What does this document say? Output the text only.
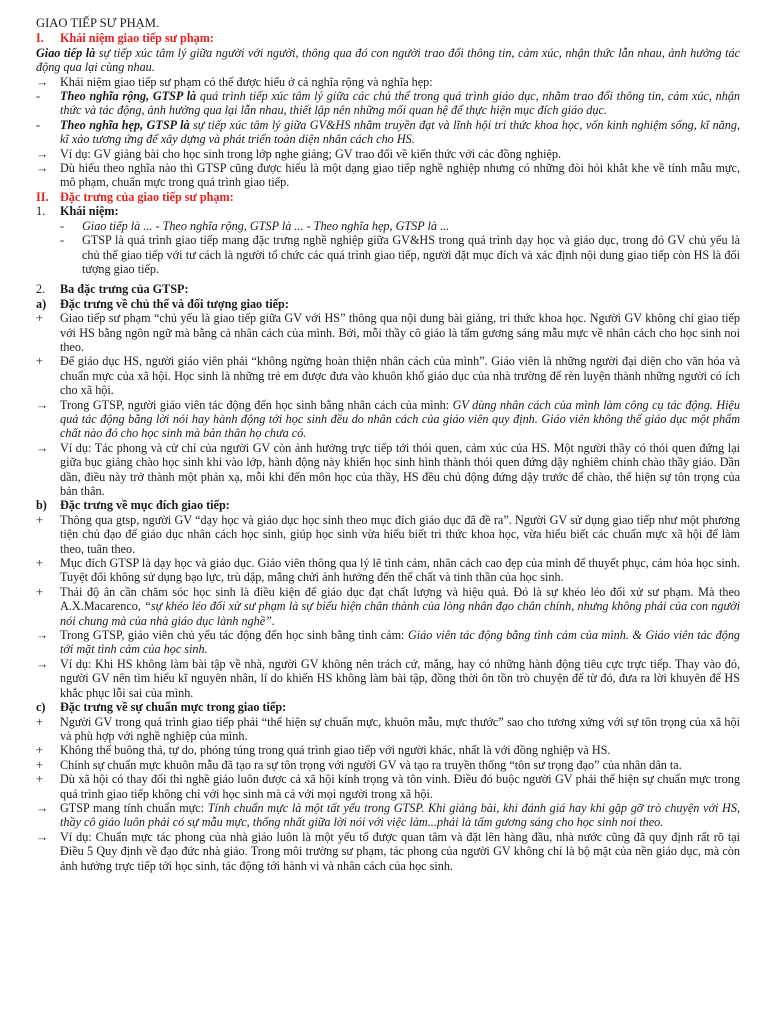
GIAO TIẾP SƯ PHẠM.
I.	Khái niệm giao tiếp sư phạm:
Giao tiếp là sự tiếp xúc tâm lý giữa người với người, thông qua đó con người trao đổi thông tin, cảm xúc, nhận thức lẫn nhau, ảnh hưởng tác động qua lại cùng nhau.
→ Khái niệm giao tiếp sư phạm có thể được hiểu ở cả nghĩa rộng và nghĩa hẹp:
-	Theo nghĩa rộng, GTSP là quá trình tiếp xúc tâm lý giữa các chủ thể trong quá trình giáo dục, nhằm trao đổi thông tin, cảm xúc, nhận thức và tác động, ảnh hưởng qua lại lẫn nhau, thiết lập nên những mối quan hệ để thực hiện mục đích giáo dục.
-	Theo nghĩa hẹp, GTSP là sự tiếp xúc tâm lý giữa GV&HS nhằm truyền đạt và lĩnh hội tri thức khoa học, vốn kinh nghiệm sống, kĩ năng, kĩ xảo tương ứng để xây dựng và phát triển toàn diện nhân cách cho HS.
→ Ví dụ: GV giảng bài cho học sinh trong lớp nghe giảng; GV trao đổi về kiến thức với các đồng nghiệp.
→ Dù hiểu theo nghĩa nào thì GTSP cũng được hiểu là một dạng giao tiếp nghề nghiệp nhưng có những đòi hỏi khắt khe về tính mẫu mực, mô phạm, chuẩn mực trong quá trình giao tiếp.
II. Đặc trưng của giao tiếp sư phạm:
1.	Khái niệm:
-	Giao tiếp là ... - Theo nghĩa rộng, GTSP là ... - Theo nghĩa hẹp, GTSP là ...
-	GTSP là quá trình giao tiếp mang đặc trưng nghề nghiệp giữa GV&HS trong quá trình dạy học và giáo dục, trong đó GV chủ yếu là chủ thể giao tiếp với tư cách là người tổ chức các quá trình giao tiếp, người đặt mục đích và xác định nội dung giao tiếp còn HS là đối tượng giao tiếp.
2.	Ba đặc trưng của GTSP:
a)	Đặc trưng về chủ thể và đối tượng giao tiếp:
+	Giao tiếp sư phạm “chủ yếu là giao tiếp giữa GV với HS” thông qua nội dung bài giảng, tri thức khoa học. Người GV không chỉ giao tiếp với HS bằng ngôn ngữ mà bằng cả nhân cách của mình. Bởi, mỗi thầy cô giáo là tấm gương sáng mẫu mực về nhân cách cho học sinh noi theo.
+	Để giáo dục HS, người giáo viên phải “không ngừng hoàn thiện nhân cách của mình”. Giáo viên là những người đại diện cho văn hóa và chuẩn mực của xã hội. Học sinh là những trẻ em được đưa vào khuôn khổ giáo dục của nhà trường để rèn luyện thành những người có ích cho xã hội.
→ Trong GTSP, người giáo viên tác động đến học sinh bằng nhân cách của mình: GV dùng nhân cách của mình làm công cụ tác động. Hiệu quả tác động bằng lời nói hay hành động tới học sinh đều do nhân cách của giáo viên quy định. Giáo viên không thể giáo dục một phẩm chất nào đó cho học sinh mà bản thân họ chưa có.
→ Ví dụ: Tác phong và cử chỉ của người GV còn ảnh hưởng trực tiếp tới thói quen, cảm xúc của HS. Một người thầy có thói quen đứng lại giữa bục giảng chào học sinh khi vào lớp, hành động này khiến học sinh hình thành thói quen đứng dậy nghiêm chỉnh chào thầy giáo. Dần dần, điều này trở thành một phản xạ, mỗi khi đến môn học của thầy, HS đều chủ động đứng dậy trước để chào, thể hiện sự tôn trọng của bản thân.
b)	Đặc trưng về mục đích giao tiếp:
+	Thông qua gtsp, người GV “dạy học và giáo dục học sinh theo mục đích giáo dục đã đề ra”. Người GV sử dụng giao tiếp như một phương tiện chủ đạo để giáo dục nhân cách học sinh, giúp học sinh vừa hiểu biết tri thức khoa học, vừa hiểu biết các chuẩn mực xã hội để làm theo, tuân theo.
+	Mục đích GTSP là dạy học và giáo dục. Giáo viên thông qua lý lẽ tình cảm, nhân cách cao đẹp của mình để thuyết phục, cảm hóa học sinh. Tuyệt đối không sử dụng bạo lực, trù dập, mắng chửi ảnh hưởng đến thể chất và tinh thần của học sinh.
+	Thái độ ân cần chăm sóc học sinh là điều kiện để giáo dục đạt chất lượng và hiệu quả. Đó là sự khéo léo đối xử sư phạm. Mà theo A.X.Macarenco, “sự khéo léo đối xử sư phạm là sự biểu hiện chân thành của lòng nhân đạo chân chính, nhưng không phải của con người nói chung mà của nhà giáo dục lành nghề”.
→ Trong GTSP, giáo viên chủ yếu tác động đến học sinh bằng tình cảm: Giáo viên tác động bằng tình cảm của mình. & Giáo viên tác động tới mặt tình cảm của học sinh.
→ Ví dụ: Khi HS không làm bài tập về nhà, người GV không nên trách cứ, mắng, hay có những hành động tiêu cực trực tiếp. Thay vào đó, người GV nên tìm hiểu kĩ nguyên nhân, lí do khiến HS không làm bài tập, đồng thời ôn tồn trò chuyện để từ đó, đưa ra lời khuyên để HS khắc phục lỗi sai của mình.
c)	Đặc trưng về sự chuẩn mực trong giao tiếp:
+	Người GV trong quá trình giao tiếp phải “thể hiện sự chuẩn mực, khuôn mẫu, mực thước” sao cho tương xứng với sự tôn trọng của xã hội và phù hợp với nghề nghiệp của mình.
+	Không thể buông thả, tự do, phóng túng trong quá trình giao tiếp với người khác, nhất là với đồng nghiệp và HS.
+	Chính sự chuẩn mực khuôn mẫu đã tạo ra sự tôn trọng với người GV và tạo ra truyền thống “tôn sư trọng đạo” của nhân dân ta.
+	Dù xã hội có thay đổi thì nghề giáo luôn được cả xã hội kính trọng và tôn vinh. Điều đó buộc người GV phải thể hiện sự chuẩn mực trong quá trình giao tiếp không chỉ với học sinh mà cả với mọi người trong xã hội.
→ GTSP mang tính chuẩn mực: Tính chuẩn mực là một tất yếu trong GTSP. Khi giảng bài, khi đánh giá hay khi gặp gỡ trò chuyện với HS, thầy cô giáo luôn phải có sự mẫu mực, thống nhất giữa lời nói với việc làm...phải là tấm gương sáng cho học sinh noi theo.
→ Ví dụ: Chuẩn mực tác phong của nhà giáo luôn là một yếu tố được quan tâm và đặt lên hàng đầu, nhà nước cũng đã quy định rất rõ tại Điều 5 Quy định về đạo đức nhà giáo. Trong môi trường sư phạm, tác phong của người GV không chỉ là bộ mặt của nền giáo dục, mà còn ảnh hưởng trực tiếp tới học sinh, tác động tới hành vi và nhân cách của học sinh.
